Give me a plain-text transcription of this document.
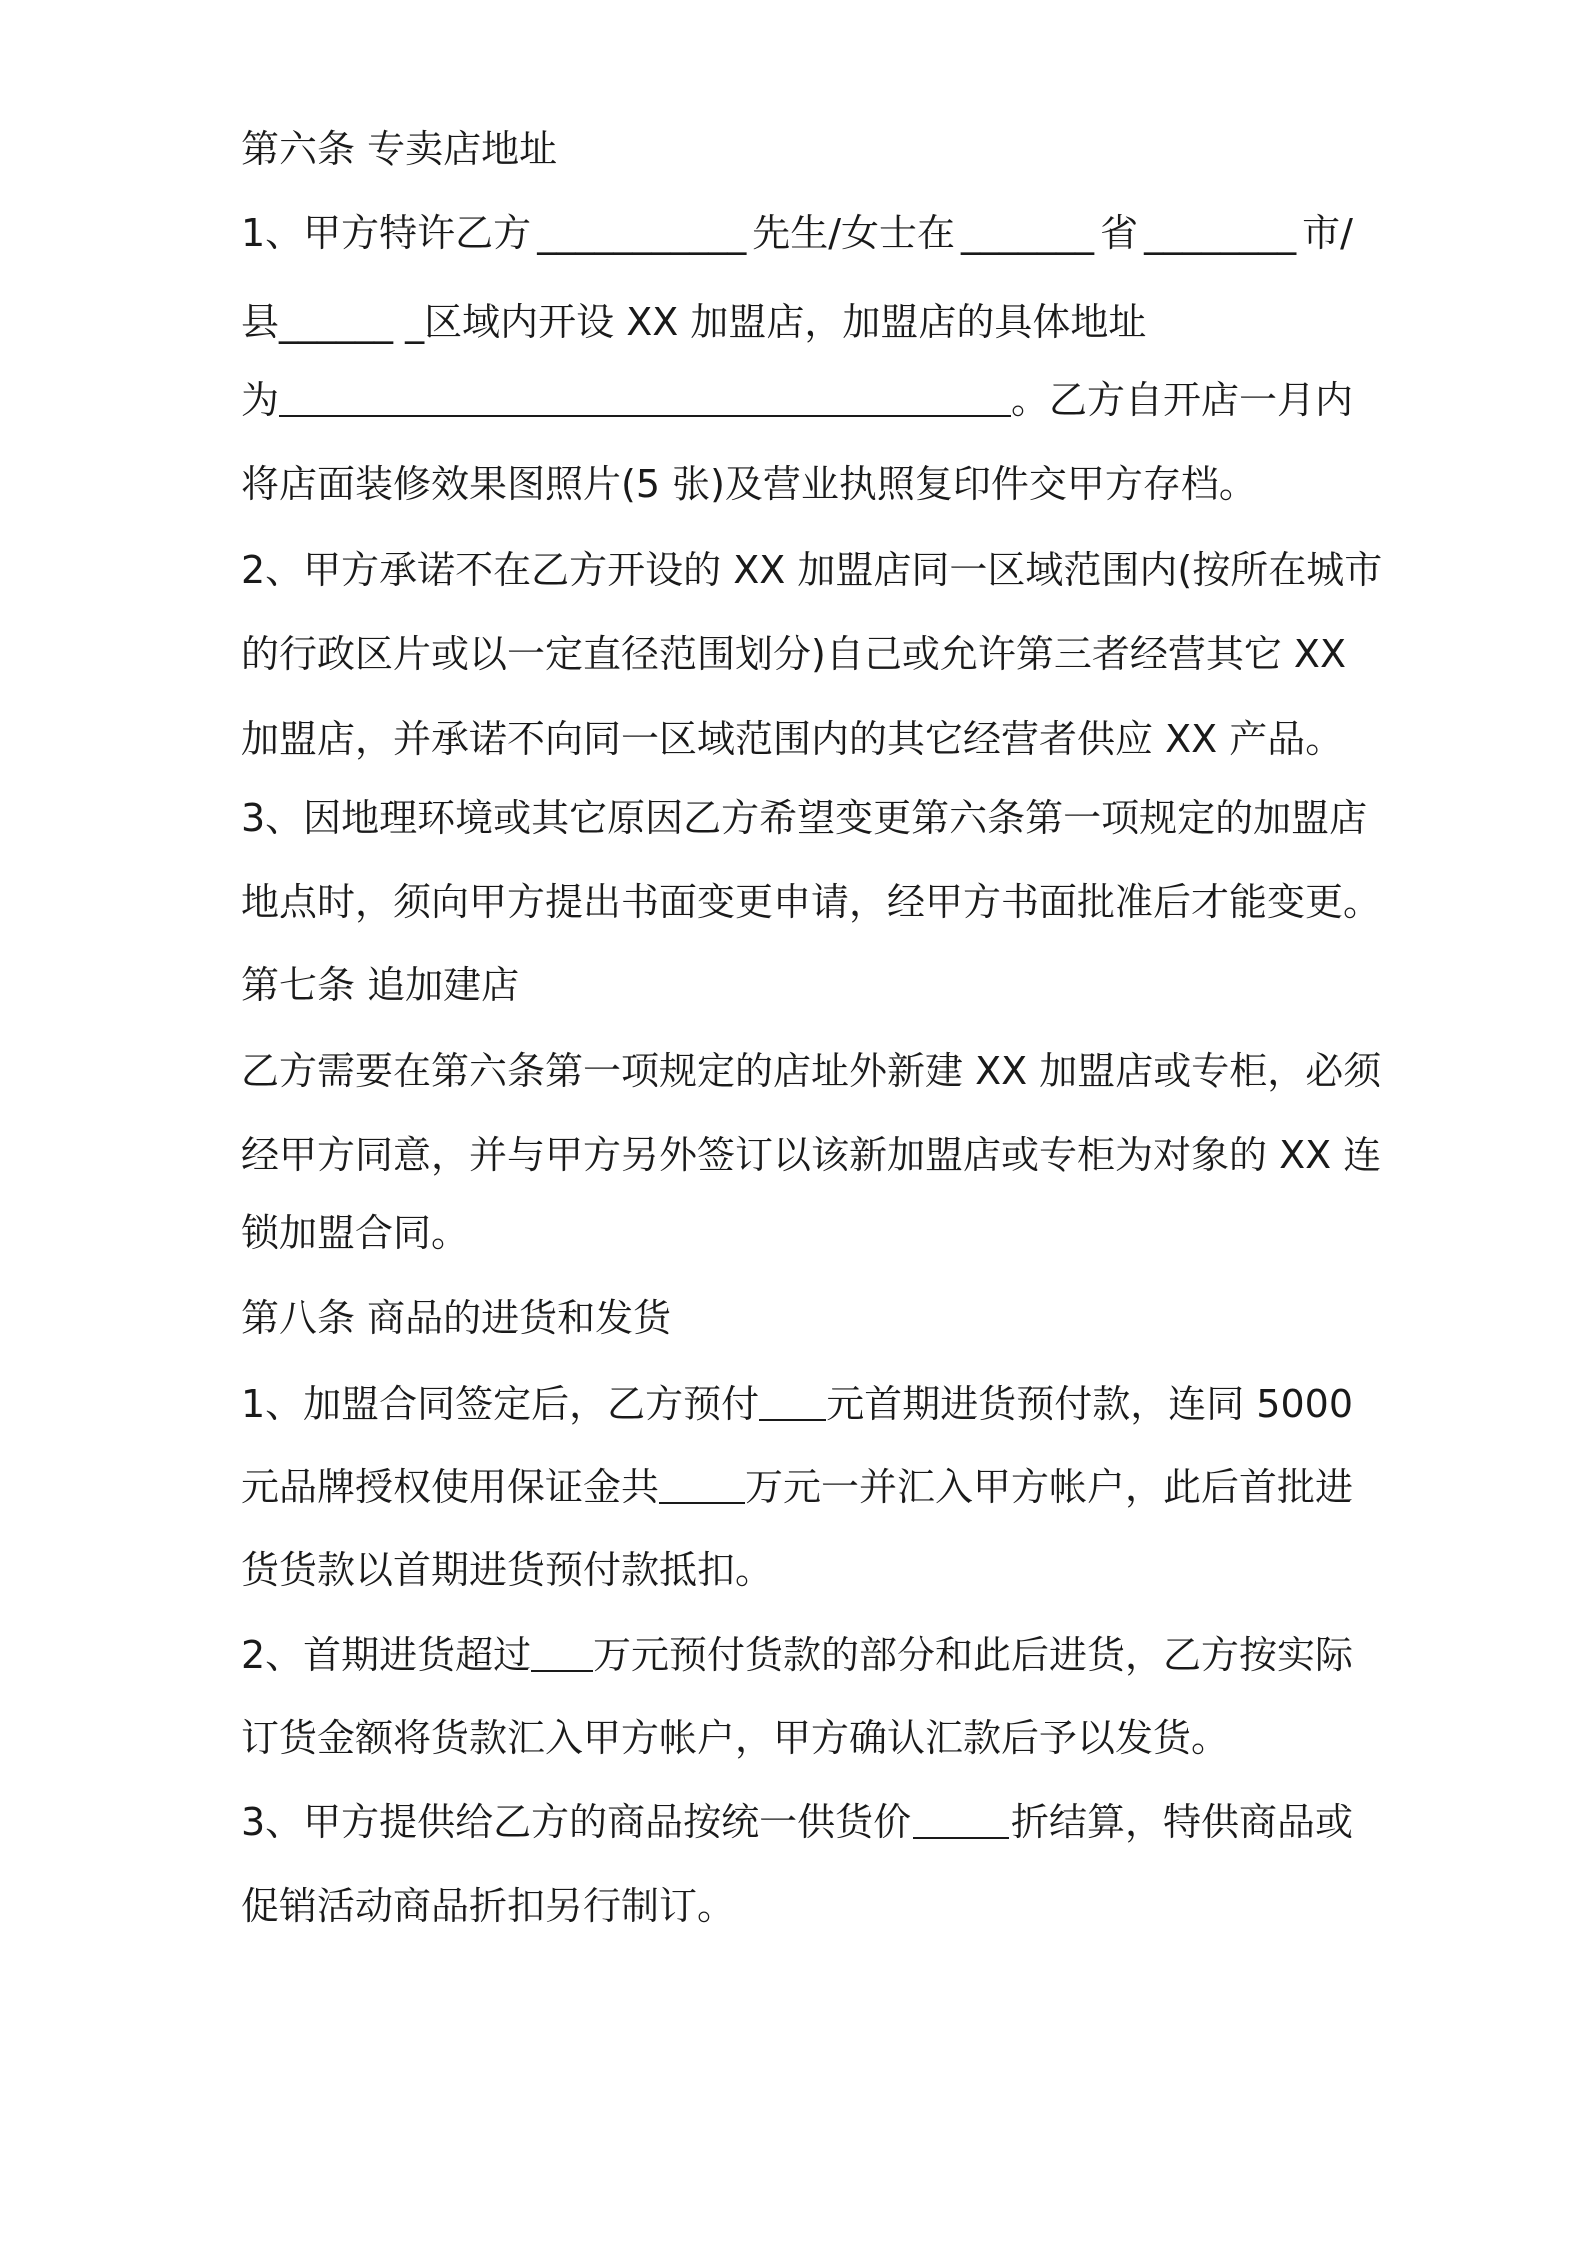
第六条 专卖店地址
1、甲方特许乙方 ___________ 先生/女士在 _______ 省 ________ 市/
县______ _区域内开设 XX 加盟店，加盟店的具体地址
为	。乙方自开店一月内
将店面装修效果图照片(5 张)及营业执照复印件交甲方存档。
2、甲方承诺不在乙方开设的 XX 加盟店同一区域范围内(按所在城市
的行政区片或以一定直径范围划分)自己或允许第三者经营其它 XX
加盟店，并承诺不向同一区域范围内的其它经营者供应 XX 产品。
3、因地理环境或其它原因乙方希望变更第六条第一项规定的加盟店
地点时，须向甲方提出书面变更申请，经甲方书面批准后才能变更。
第七条 追加建店
乙方需要在第六条第一项规定的店址外新建 XX 加盟店或专柜，必须
经甲方同意，并与甲方另外签订以该新加盟店或专柜为对象的 XX 连
锁加盟合同。
第八条 商品的进货和发货
1、加盟合同签定后，乙方预付 元首期进货预付款，连同 5000
元品牌授权使用保证金共 万元一并汇入甲方帐户，此后首批进
货货款以首期进货预付款抵扣。
2、首期进货超过 万元预付货款的部分和此后进货，乙方按实际
订货金额将货款汇入甲方帐户，甲方确认汇款后予以发货。
3、甲方提供给乙方的商品按统一供货价	折结算，特供商品或
促销活动商品折扣另行制订。
